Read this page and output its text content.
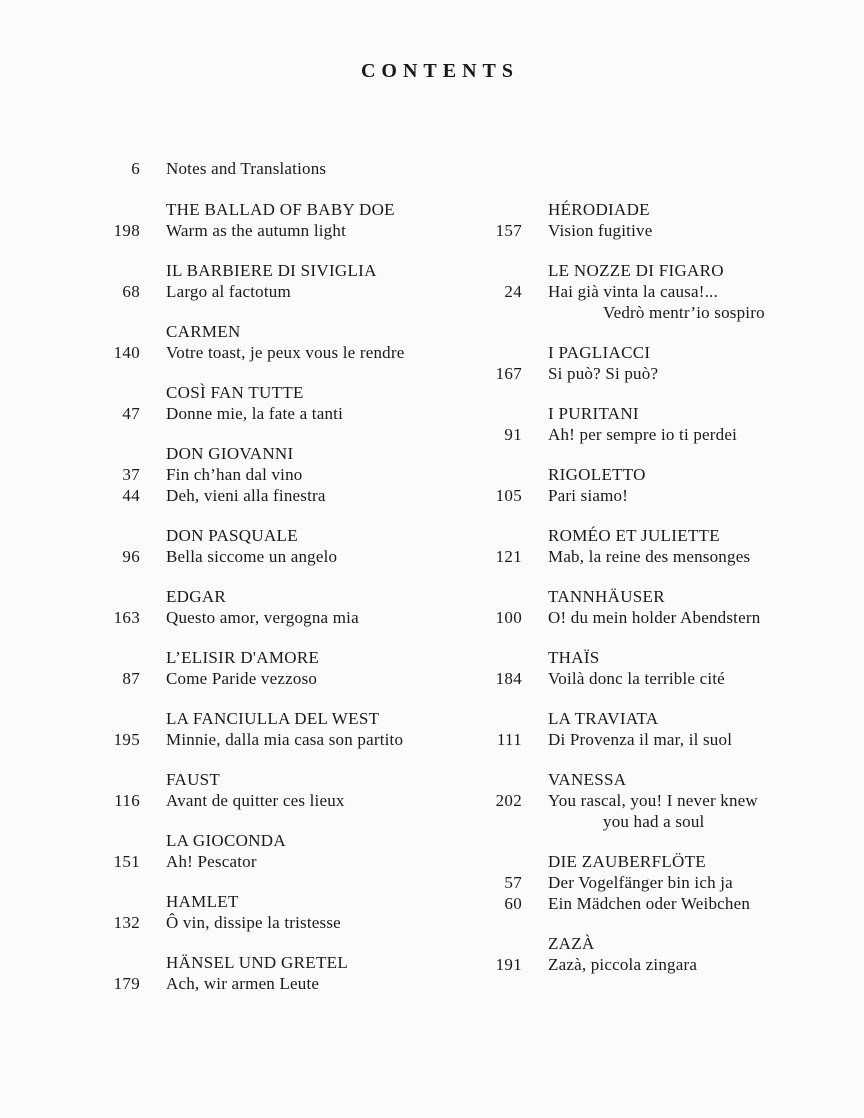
CONTENTS
6 Notes and Translations
THE BALLAD OF BABY DOE
198 Warm as the autumn light
IL BARBIERE DI SIVIGLIA
68 Largo al factotum
CARMEN
140 Votre toast, je peux vous le rendre
COSÌ FAN TUTTE
47 Donne mie, la fate a tanti
DON GIOVANNI
37 Fin ch’han dal vino
44 Deh, vieni alla finestra
DON PASQUALE
96 Bella siccome un angelo
EDGAR
163 Questo amor, vergogna mia
L’ELISIR D'AMORE
87 Come Paride vezzoso
LA FANCIULLA DEL WEST
195 Minnie, dalla mia casa son partito
FAUST
116 Avant de quitter ces lieux
LA GIOCONDA
151 Ah! Pescator
HAMLET
132 Ô vin, dissipe la tristesse
HÄNSEL UND GRETEL
179 Ach, wir armen Leute
HÉRODIADE
157 Vision fugitive
LE NOZZE DI FIGARO
24 Hai già vinta la causa!...
Vedrò mentr’io sospiro
I PAGLIACCI
167 Si può? Si può?
I PURITANI
91 Ah! per sempre io ti perdei
RIGOLETTO
105 Pari siamo!
ROMÉO ET JULIETTE
121 Mab, la reine des mensonges
TANNHÄUSER
100 O! du mein holder Abendstern
THAÏS
184 Voilà donc la terrible cité
LA TRAVIATA
111 Di Provenza il mar, il suol
VANESSA
202 You rascal, you! I never knew
you had a soul
DIE ZAUBERFLÖTE
57 Der Vogelfänger bin ich ja
60 Ein Mädchen oder Weibchen
ZAZÀ
191 Zazà, piccola zingara
